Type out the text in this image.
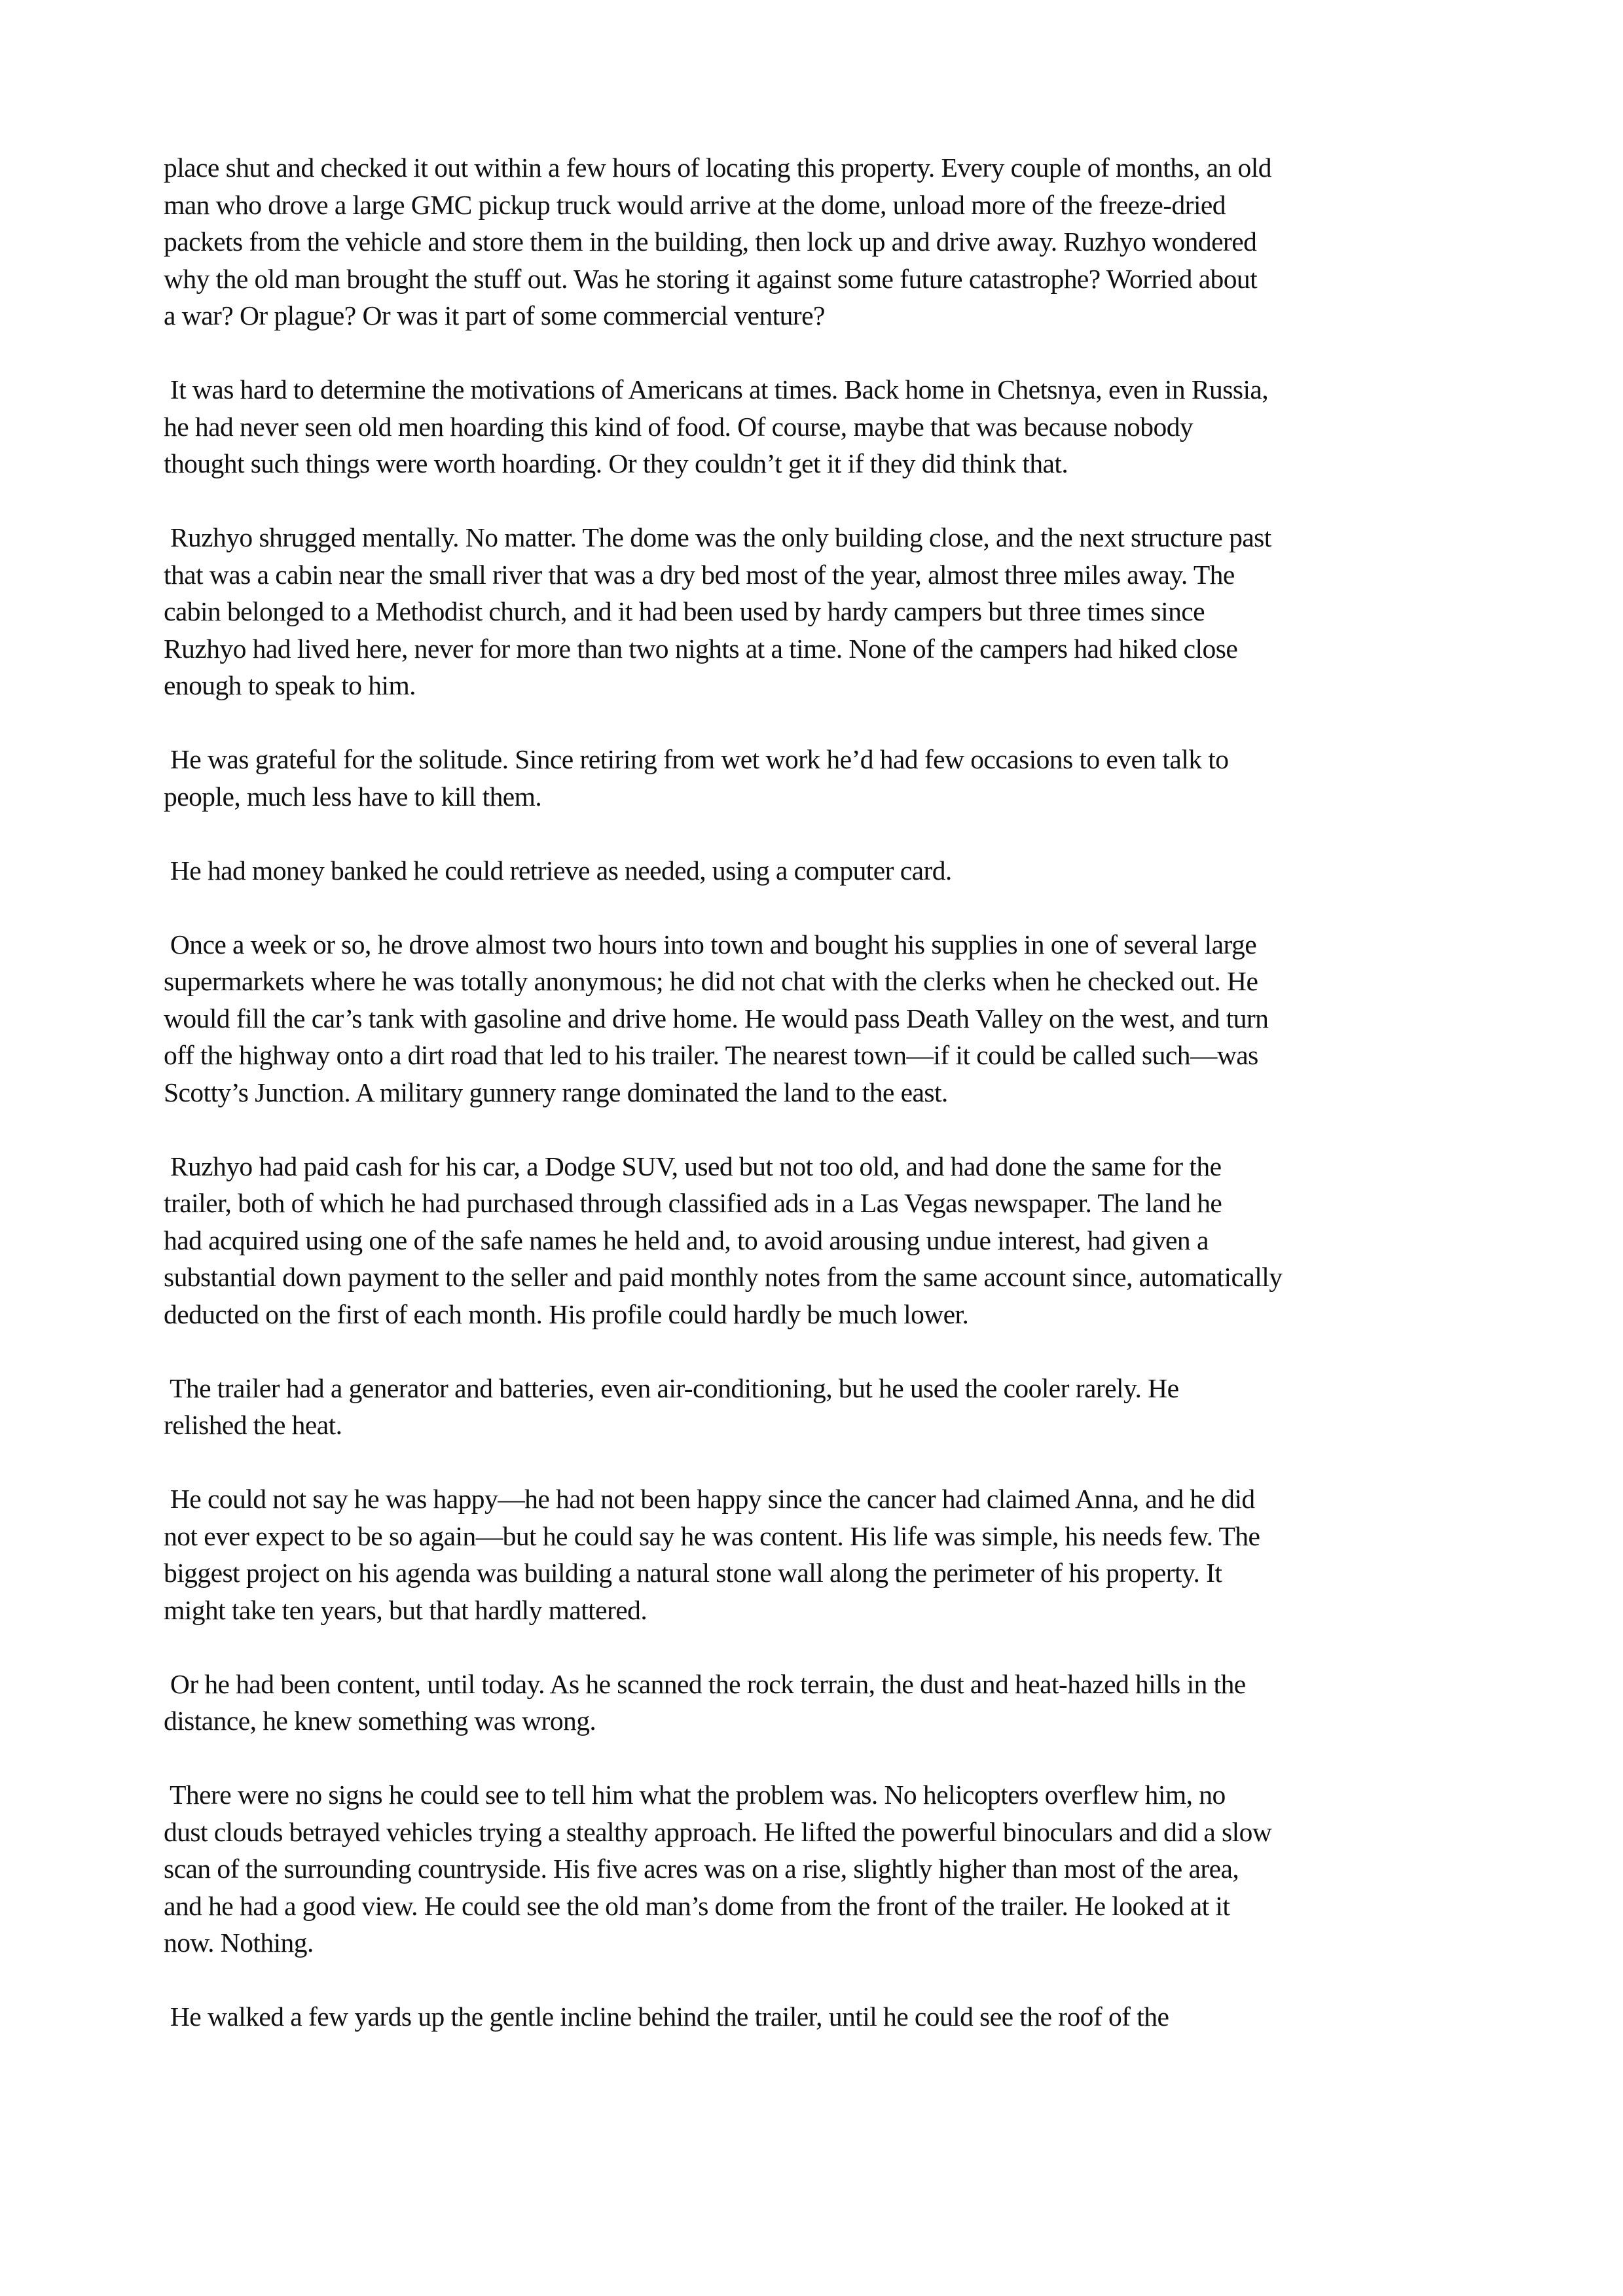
place shut and checked it out within a few hours of locating this property. Every couple of months, an old
man who drove a large GMC pickup truck would arrive at the dome, unload more of the freeze-dried
packets from the vehicle and store them in the building, then lock up and drive away. Ruzhyo wondered
why the old man brought the stuff out. Was he storing it against some future catastrophe? Worried about
a war? Or plague? Or was it part of some commercial venture?

It was hard to determine the motivations of Americans at times. Back home in Chetsnya, even in Russia,
he had never seen old men hoarding this kind of food. Of course, maybe that was because nobody
thought such things were worth hoarding. Or they couldn’t get it if they did think that.

Ruzhyo shrugged mentally. No matter. The dome was the only building close, and the next structure past
that was a cabin near the small river that was a dry bed most of the year, almost three miles away. The
cabin belonged to a Methodist church, and it had been used by hardy campers but three times since
Ruzhyo had lived here, never for more than two nights at a time. None of the campers had hiked close
enough to speak to him.

He was grateful for the solitude. Since retiring from wet work he’d had few occasions to even talk to
people, much less have to kill them.

He had money banked he could retrieve as needed, using a computer card.

Once a week or so, he drove almost two hours into town and bought his supplies in one of several large
supermarkets where he was totally anonymous; he did not chat with the clerks when he checked out. He
would fill the car’s tank with gasoline and drive home. He would pass Death Valley on the west, and turn
off the highway onto a dirt road that led to his trailer. The nearest town—if it could be called such—was
Scotty’s Junction. A military gunnery range dominated the land to the east.

Ruzhyo had paid cash for his car, a Dodge SUV, used but not too old, and had done the same for the
trailer, both of which he had purchased through classified ads in a Las Vegas newspaper. The land he
had acquired using one of the safe names he held and, to avoid arousing undue interest, had given a
substantial down payment to the seller and paid monthly notes from the same account since, automatically
deducted on the first of each month. His profile could hardly be much lower.

The trailer had a generator and batteries, even air-conditioning, but he used the cooler rarely. He
relished the heat.

He could not say he was happy—he had not been happy since the cancer had claimed Anna, and he did
not ever expect to be so again—but he could say he was content. His life was simple, his needs few. The
biggest project on his agenda was building a natural stone wall along the perimeter of his property. It
might take ten years, but that hardly mattered.

Or he had been content, until today. As he scanned the rock terrain, the dust and heat-hazed hills in the
distance, he knew something was wrong.

There were no signs he could see to tell him what the problem was. No helicopters overflew him, no
dust clouds betrayed vehicles trying a stealthy approach. He lifted the powerful binoculars and did a slow
scan of the surrounding countryside. His five acres was on a rise, slightly higher than most of the area,
and he had a good view. He could see the old man’s dome from the front of the trailer. He looked at it
now. Nothing.

He walked a few yards up the gentle incline behind the trailer, until he could see the roof of the
